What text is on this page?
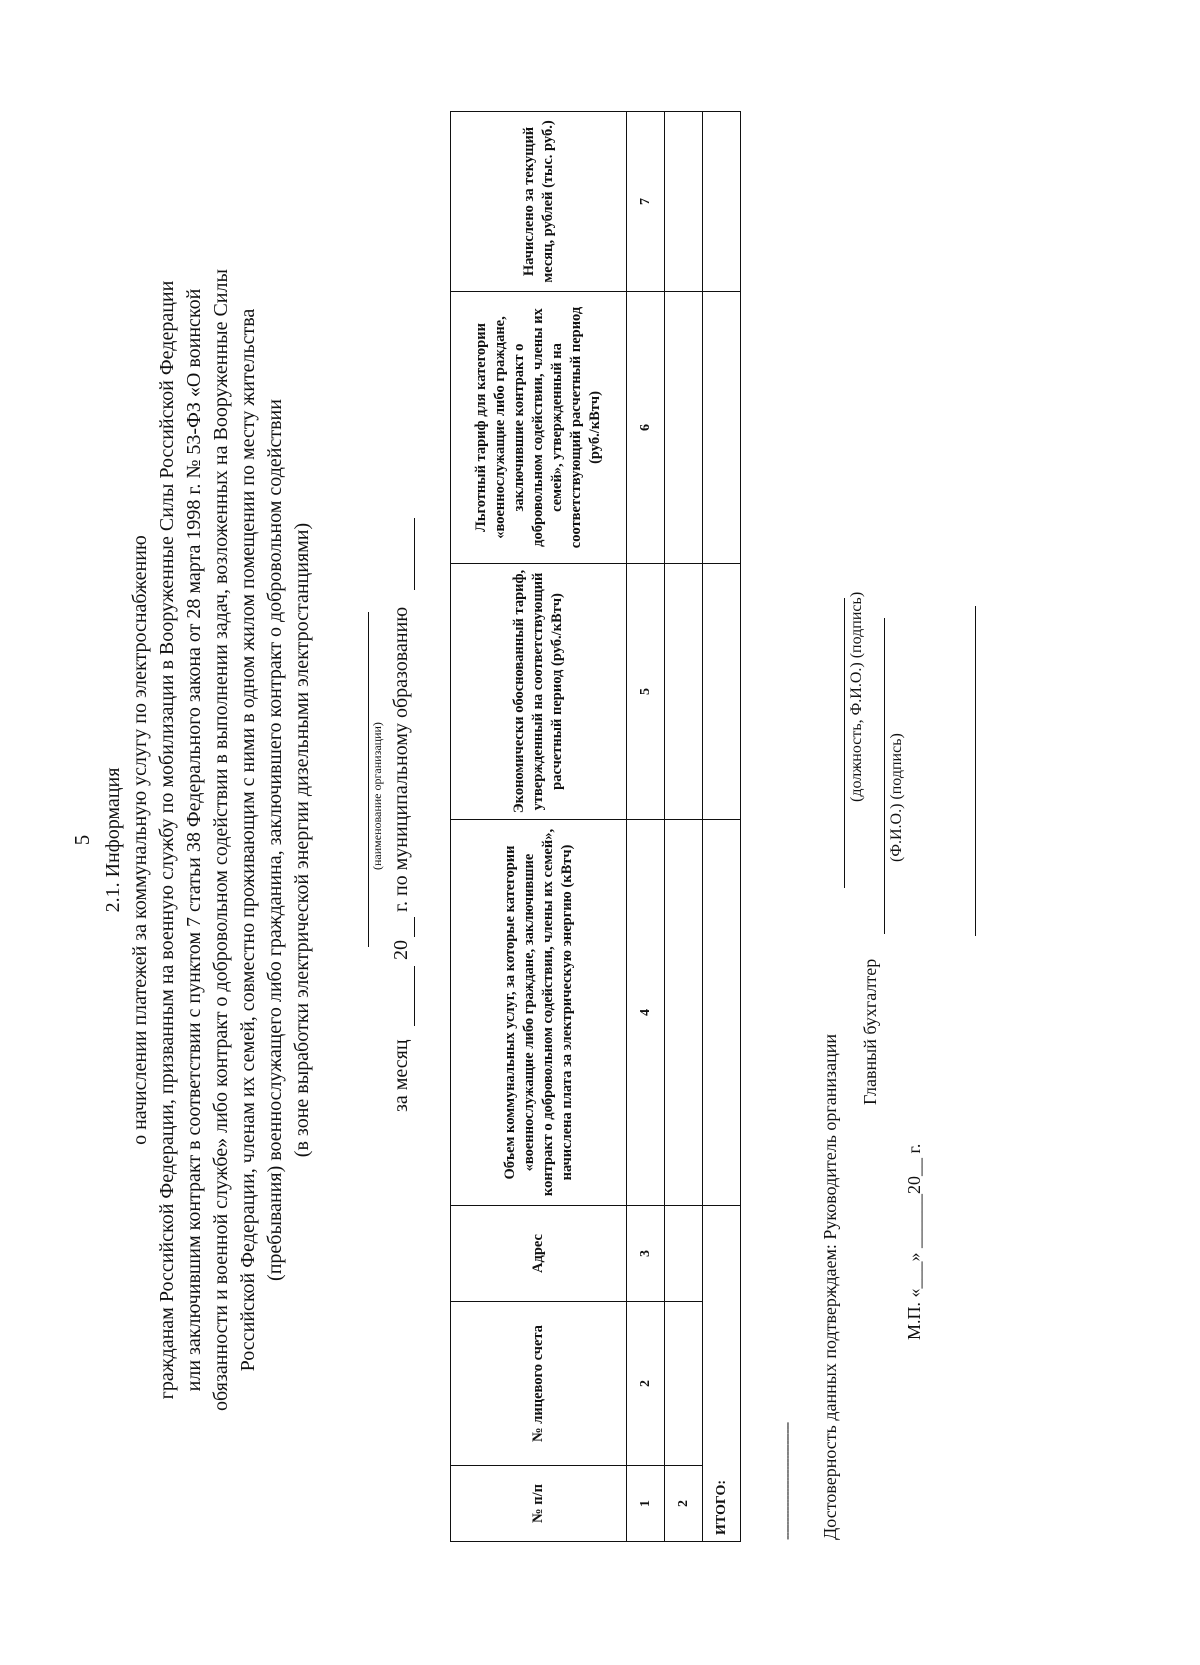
5 2.1. Информация о начислении платежей за коммунальную услугу по электроснабжению гражданам Российской Федерации, призванным на военную службу по мобилизации в Вооруженные Силы Российской Федерации или заключившим контракт в соответствии с пунктом 7 статьи 38 Федерального закона от 28 марта 1998 г. № 53-ФЗ «О воинской обязанности и военной службе» либо контракт о добровольном содействии в выполнении задач, возложенных на Вооруженные Силы Российской Федерации, членам их семей, совместно проживающим с ними в одном жилом помещении по месту жительства (пребывания) военнослужащего либо гражданина, заключившего контракт о добровольном содействии (в зоне выработки электрической энергии дизельными электростанциями)	(наименование организации)
за месяц
20
г. по муниципальному образованию
№ п/п	№ лицевого счета	Адрес	Объем коммунальных услуг, за которые категории «военнослужащие либо граждане, заключившие контракт о добровольном содействии, члены их семей», начислена плата за электрическую энергию (кВтч)	Экономически обоснованный тариф, утвержденный на соответствующий расчетный период (руб./кВтч)	Льготный тариф для категории «военнослужащие либо граждане, заключившие контракт о добровольном содействии, члены их семей», утвержденный на соответствующий расчетный период (руб./кВтч)	Начислено за текущий месяц, рублей (тыс. руб.)
1	2	3	4	5	6	7
2						
ИТОГО:							-------------------------------- Достоверность данных подтверждаем: Руководитель организации
(должность, Ф.И.О.) (подпись)
Главный бухгалтер
(Ф.И.О.) (подпись)
М.П. «___» ______20__ г.
